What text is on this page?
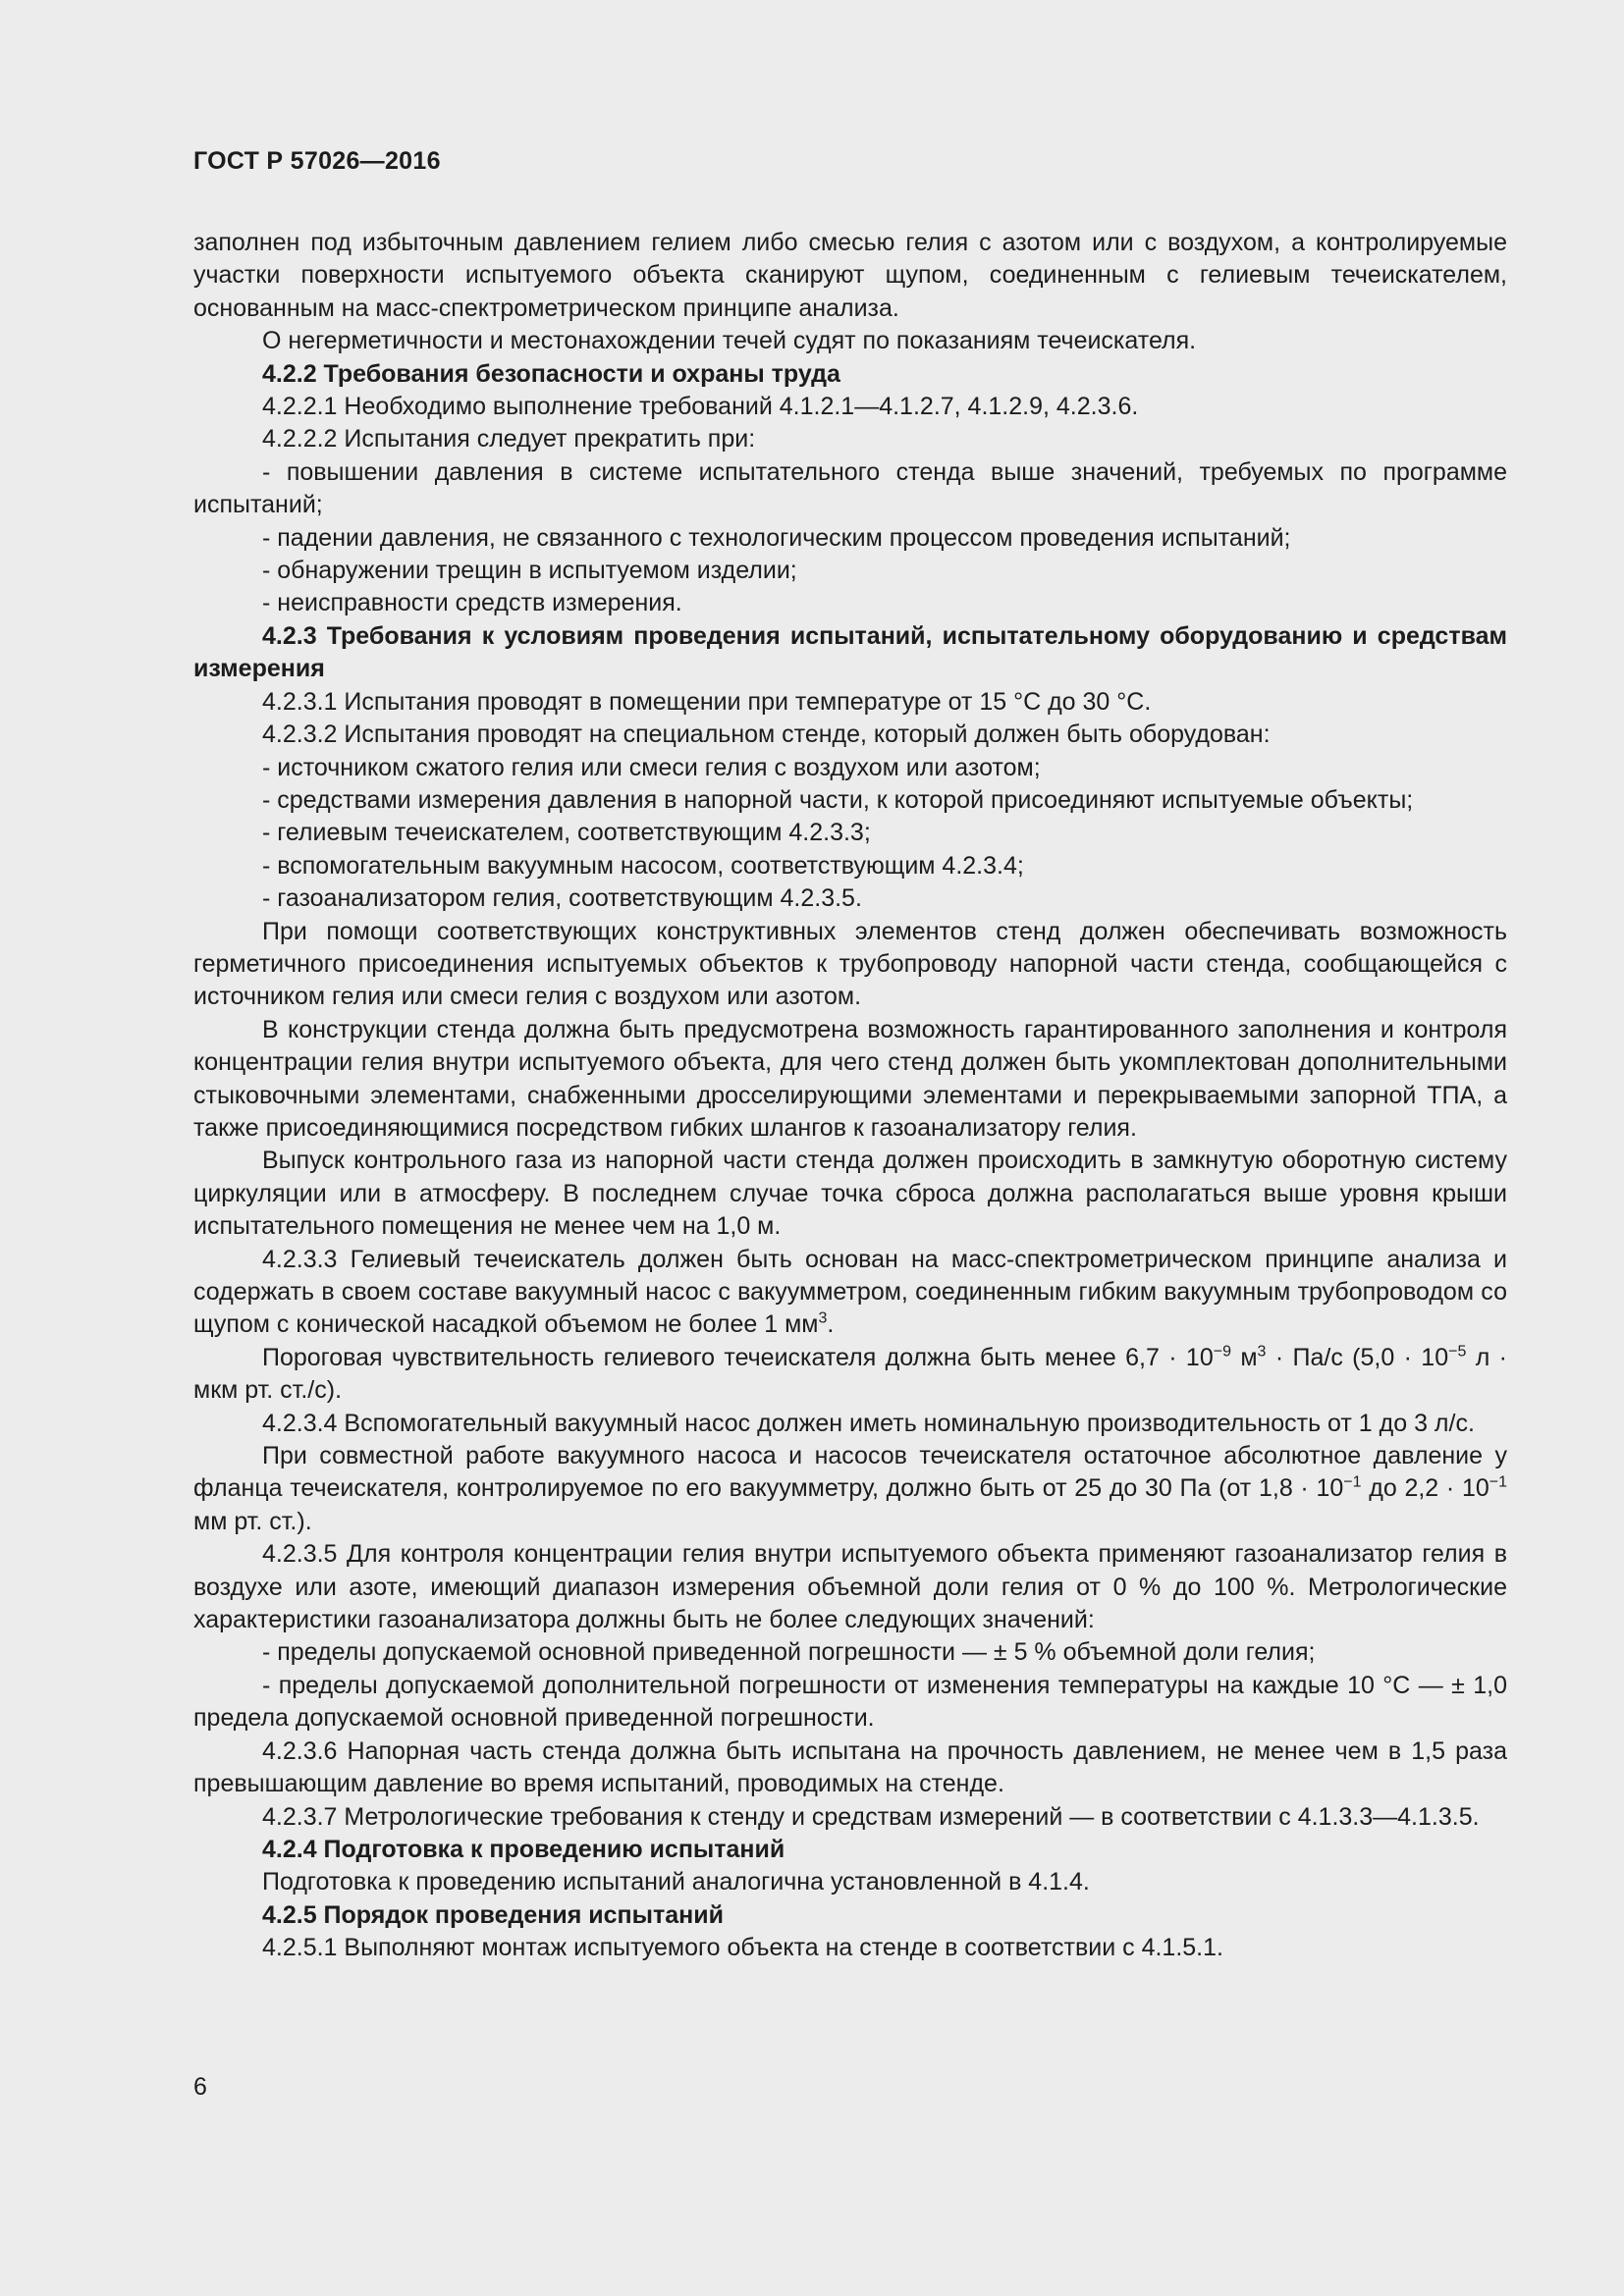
ГОСТ Р 57026—2016

заполнен под избыточным давлением гелием либо смесью гелия с азотом или с воздухом, а контролируемые участки поверхности испытуемого объекта сканируют щупом, соединенным с гелиевым течеискателем, основанным на масс-спектрометрическом принципе анализа.

О негерметичности и местонахождении течей судят по показаниям течеискателя.

4.2.2 Требования безопасности и охраны труда

4.2.2.1 Необходимо выполнение требований 4.1.2.1—4.1.2.7, 4.1.2.9, 4.2.3.6.

4.2.2.2 Испытания следует прекратить при:

- повышении давления в системе испытательного стенда выше значений, требуемых по программе испытаний;

- падении давления, не связанного с технологическим процессом проведения испытаний;

- обнаружении трещин в испытуемом изделии;

- неисправности средств измерения.

4.2.3 Требования к условиям проведения испытаний, испытательному оборудованию и средствам измерения

4.2.3.1 Испытания проводят в помещении при температуре от 15 °С до 30 °С.

4.2.3.2 Испытания проводят на специальном стенде, который должен быть оборудован:

- источником сжатого гелия или смеси гелия с воздухом или азотом;

- средствами измерения давления в напорной части, к которой присоединяют испытуемые объекты;

- гелиевым течеискателем, соответствующим 4.2.3.3;

- вспомогательным вакуумным насосом, соответствующим 4.2.3.4;

- газоанализатором гелия, соответствующим 4.2.3.5.

При помощи соответствующих конструктивных элементов стенд должен обеспечивать возможность герметичного присоединения испытуемых объектов к трубопроводу напорной части стенда, сообщающейся с источником гелия или смеси гелия с воздухом или азотом.

В конструкции стенда должна быть предусмотрена возможность гарантированного заполнения и контроля концентрации гелия внутри испытуемого объекта, для чего стенд должен быть укомплектован дополнительными стыковочными элементами, снабженными дросселирующими элементами и перекрываемыми запорной ТПА, а также присоединяющимися посредством гибких шлангов к газоанализатору гелия.

Выпуск контрольного газа из напорной части стенда должен происходить в замкнутую оборотную систему циркуляции или в атмосферу. В последнем случае точка сброса должна располагаться выше уровня крыши испытательного помещения не менее чем на 1,0 м.

4.2.3.3 Гелиевый течеискатель должен быть основан на масс-спектрометрическом принципе анализа и содержать в своем составе вакуумный насос с вакуумметром, соединенным гибким вакуумным трубопроводом со щупом с конической насадкой объемом не более 1 $мм^3$.

Пороговая чувствительность гелиевого течеискателя должна быть менее $6,7 \cdot 10^{-9}$ $м^3 \cdot Па/с$ ($5,0 \cdot 10^{-5}$ л · мкм рт. ст./с).

4.2.3.4 Вспомогательный вакуумный насос должен иметь номинальную производительность от 1 до 3 л/с.

При совместной работе вакуумного насоса и насосов течеискателя остаточное абсолютное давление у фланца течеискателя, контролируемое по его вакуумметру, должно быть от 25 до 30 Па (от $1,8 \cdot 10^{-1}$ до $2,2 \cdot 10^{-1}$ мм рт. ст.).

4.2.3.5 Для контроля концентрации гелия внутри испытуемого объекта применяют газоанализатор гелия в воздухе или азоте, имеющий диапазон измерения объемной доли гелия от 0 % до 100 %. Метрологические характеристики газоанализатора должны быть не более следующих значений:

- пределы допускаемой основной приведенной погрешности — ± 5 % объемной доли гелия;

- пределы допускаемой дополнительной погрешности от изменения температуры на каждые 10 °С — ± 1,0 предела допускаемой основной приведенной погрешности.

4.2.3.6 Напорная часть стенда должна быть испытана на прочность давлением, не менее чем в 1,5 раза превышающим давление во время испытаний, проводимых на стенде.

4.2.3.7 Метрологические требования к стенду и средствам измерений — в соответствии с 4.1.3.3—4.1.3.5.

4.2.4 Подготовка к проведению испытаний

Подготовка к проведению испытаний аналогична установленной в 4.1.4.

4.2.5 Порядок проведения испытаний

4.2.5.1 Выполняют монтаж испытуемого объекта на стенде в соответствии с 4.1.5.1.

6
